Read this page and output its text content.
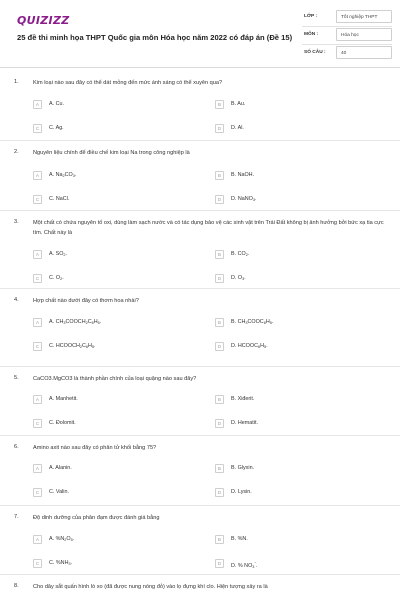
QUIZIZZ
25 đề thi minh họa THPT Quốc gia môn Hóa học năm 2022 có đáp án (Đề 15)
LỚP :	Tốt nghiệp THPT
MÔN :	Hóa học
SỐ CÂU :	40
1.	Kim loại nào sau đây có thể dát mỏng đến mức ánh sáng có thể xuyên qua?
A	A. Cu.	B	B. Au.
C	C. Ag.	D	D. Al.
2.	Nguyên liệu chính để điều chế kim loại Na trong công nghiệp là
A	A. $Na_2CO_3$.	B	B. NaOH.
C	C. NaCl.	D	D. NaNO$_3$.
3.	Một chất có chứa nguyên tố oxi, dùng làm sạch nước và có tác dụng bảo vệ các sinh vật trên Trái Đất không bị ảnh hưởng bởi bức xạ tia cực tím. Chất này là
A	A. $SO_2$.	B	B. $CO_2$.
C	C. $O_2$.	D	D. $O_3$.
4.	Hợp chất nào dưới đây có thơm hoa nhài?
A	A. $CH_3COOCH_2C_6H_5$.	B	B. $CH_3COOC_6H_5$.
C	C. $HCOOCH_2C_6H_5$.	D	D. $HCOOC_6H_5$.
5.	CaCO3.MgCO3 là thành phần chính của loại quặng nào sau đây?
A	A. Manhetit.	B	B. Xiđerit.
C	C. Đolomit.	D	D. Hematit.
6.	Amino axit nào sau đây có phân tử khối bằng 75?
A	A. Alanin.	B	B. Glyxin.
C	C. Valin.	D	D. Lysin.
7.	Độ dinh dưỡng của phân đạm được đánh giá bằng
A	A. $\%N_2O_5$.	B	B. %N.
C	C. $\%NH_3$.	D	D. % $NO_3^-$.
8.	Cho dây sắt quấn hình lò xo (đã được nung nóng đỏ) vào lọ đựng khí clo. Hiện tượng xảy ra là
